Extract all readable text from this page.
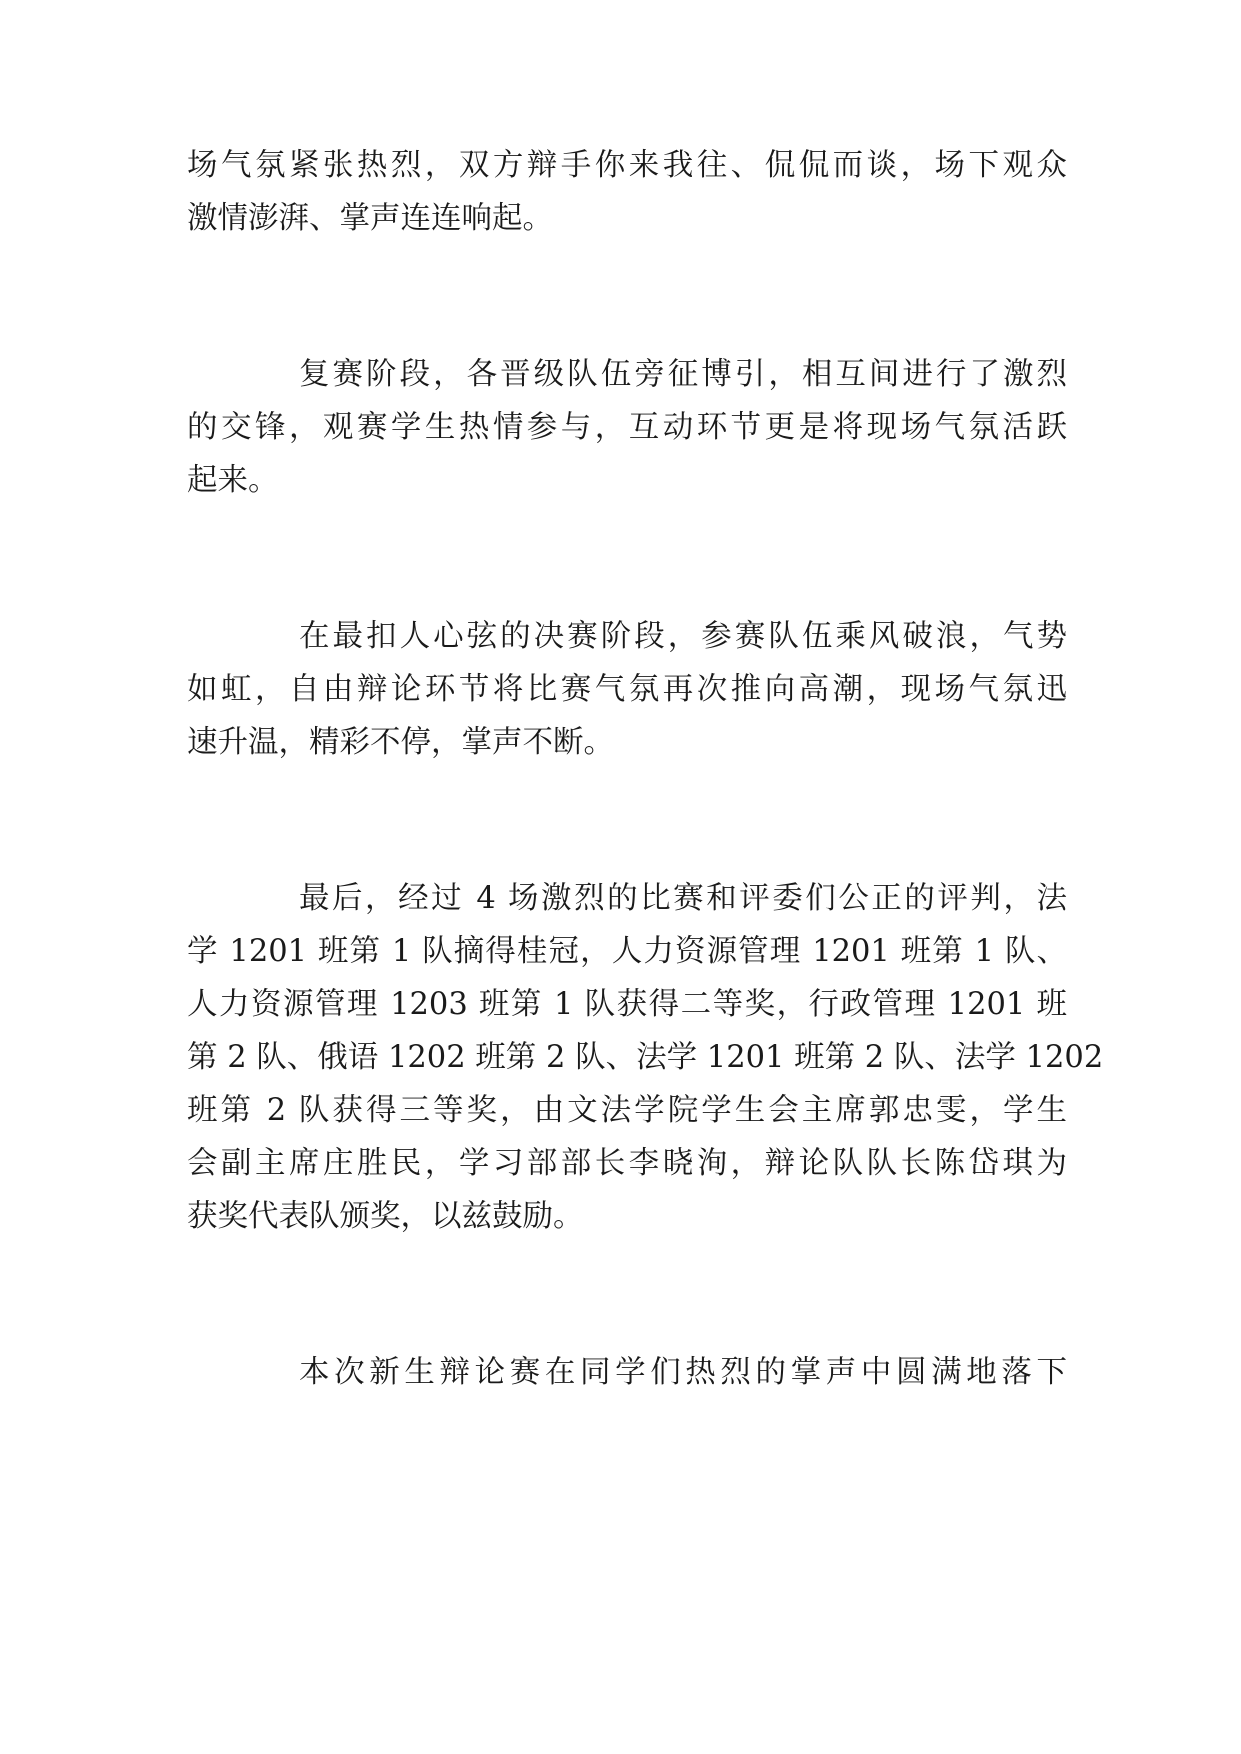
场气氛紧张热烈，双方辩手你来我往、侃侃而谈，场下观众
激情澎湃、掌声连连响起。
复赛阶段，各晋级队伍旁征博引，相互间进行了激烈
的交锋，观赛学生热情参与，互动环节更是将现场气氛活跃
起来。
在最扣人心弦的决赛阶段，参赛队伍乘风破浪，气势
如虹，自由辩论环节将比赛气氛再次推向高潮，现场气氛迅
速升温，精彩不停，掌声不断。
最后，经过 4 场激烈的比赛和评委们公正的评判，法
学 1201 班第 1 队摘得桂冠，人力资源管理 1201 班第 1 队、
人力资源管理 1203 班第 1 队获得二等奖，行政管理 1201 班
第 2 队、俄语 1202 班第 2 队、法学 1201 班第 2 队、法学 1202
班第 2 队获得三等奖，由文法学院学生会主席郭忠雯，学生
会副主席庄胜民，学习部部长李晓洵，辩论队队长陈岱琪为
获奖代表队颁奖，以兹鼓励。
本次新生辩论赛在同学们热烈的掌声中圆满地落下
